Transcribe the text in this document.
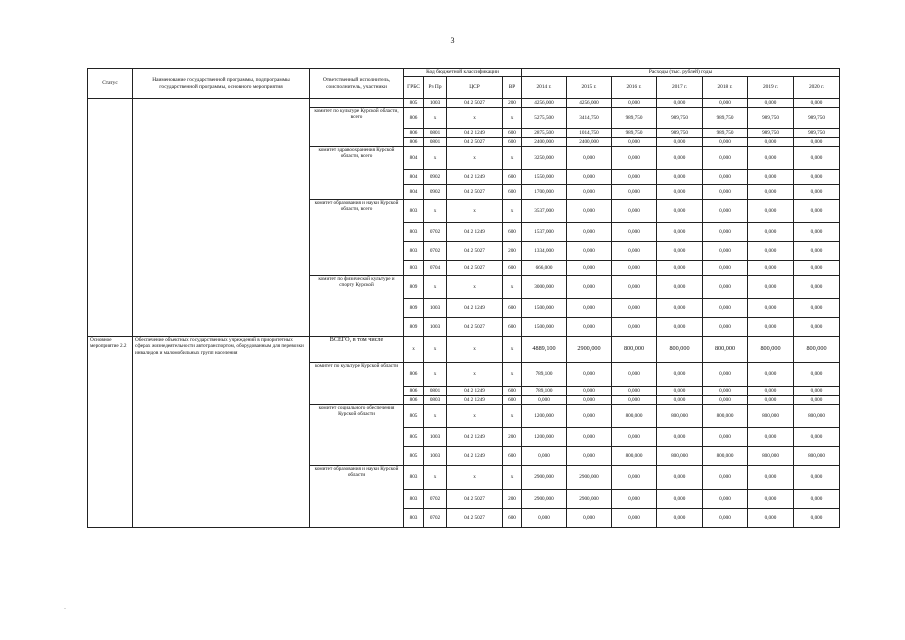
3
Статус	Наименование государственной программы, подпрограммы государственной программы, основного мероприятия	Ответственный исполнитель, соисполнитель, участники	Код бюджетной классификации				Расходы (тыс. рублей) годы						
			ГРБС	Рз Пр	ЦСР	ВР	2014 г.	2015 г.	2016 г.	2017 г.	2018 г.	2019 г.	2020 г.
			805	1003	04 2 5027	200	4256,000	4256,000	0,000	0,000	0,000	0,000	0,000
		комитет по культуре Курской области, всего	806	х	х	х	5275,500	3414,750	989,750	989,750	989,750	989,750	989,750
			806	0801	04 2 1249	600	2875,500	1014,750	989,750	989,750	989,750	989,750	989,750
			806	0801	04 2 5027	600	2400,000	2400,000	0,000	0,000	0,000	0,000	0,000
		комитет здравоохранения Курской области, всего	804	х	х	х	3250,000	0,000	0,000	0,000	0,000	0,000	0,000
			804	0902	04 2 1249	600	1550,000	0,000	0,000	0,000	0,000	0,000	0,000
			804	0902	04 2 5027	600	1700,000	0,000	0,000	0,000	0,000	0,000	0,000
		комитет образования и науки Курской области, всего	803	х	х	х	3537,000	0,000	0,000	0,000	0,000	0,000	0,000
			803	0702	04 2 1249	600	1537,000	0,000	0,000	0,000	0,000	0,000	0,000
			803	0702	04 2 5027	200	1334,000	0,000	0,000	0,000	0,000	0,000	0,000
			803	0704	04 2 5027	600	666,000	0,000	0,000	0,000	0,000	0,000	0,000
		комитет по физической культуре и спорту Курской	809	х	х	х	3000,000	0,000	0,000	0,000	0,000	0,000	0,000
			809	1003	04 2 1249	600	1500,000	0,000	0,000	0,000	0,000	0,000	0,000
			809	1003	04 2 5027	600	1500,000	0,000	0,000	0,000	0,000	0,000	0,000
Основное мероприятие 2.2	Обеспечение объектных государственных учреждений в приоритетных сферах жизнедеятельности автотранспортом, оборудованным для перевозки инвалидов и маломобильных групп населения	ВСЕГО, в том числе	х	х	х	х	4889,100	2900,000	800,000	800,000	800,000	800,000	800,000
		комитет по культуре Курской области	806	х	х	х	789,100	0,000	0,000	0,000	0,000	0,000	0,000
			806	0801	04 2 1249	600	789,100	0,000	0,000	0,000	0,000	0,000	0,000
			806	0803	04 2 1249	600	0,000	0,000	0,000	0,000	0,000	0,000	0,000
		комитет социального обеспечения Курской области	805	х	х	х	1200,000	0,000	800,000	800,000	800,000	800,000	800,000
			805	1003	04 2 1249	200	1200,000	0,000	0,000	0,000	0,000	0,000	0,000
			805	1003	04 2 1249	600	0,000	0,000	800,000	800,000	800,000	800,000	800,000
		комитет образования и науки Курской области	803	х	х	х	2900,000	2900,000	0,000	0,000	0,000	0,000	0,000
			803	0702	04 2 5027	200	2900,000	2900,000	0,000	0,000	0,000	0,000	0,000
			803	0702	04 2 5027	600	0,000	0,000	0,000	0,000	0,000	0,000	0,000
-
